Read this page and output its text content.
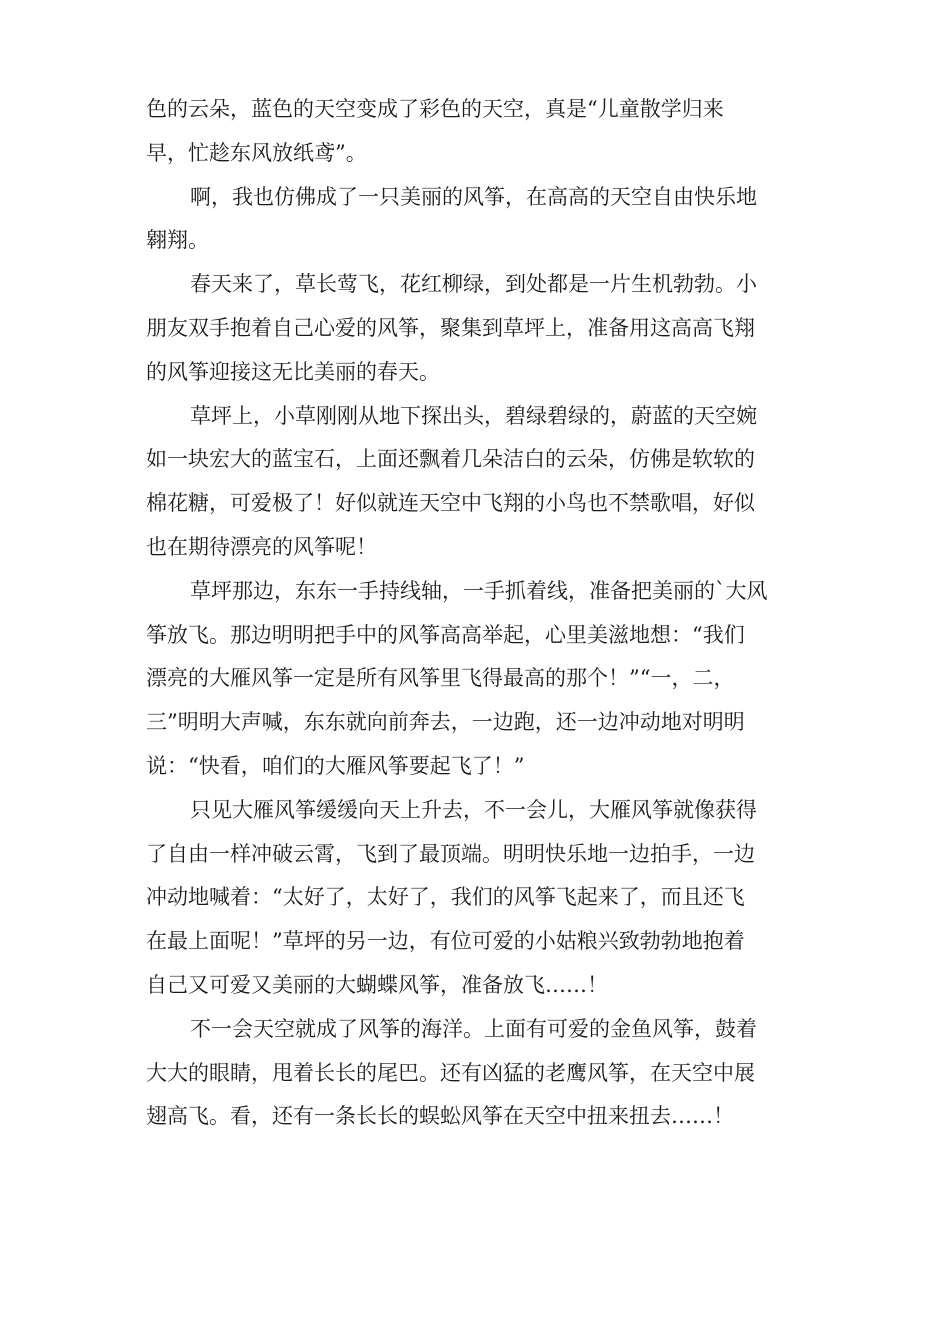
色的云朵，蓝色的天空变成了彩色的天空，真是“儿童散学归来
早，忙趁东风放纸鸢”。
啊，我也仿佛成了一只美丽的风筝，在高高的天空自由快乐地
翱翔。
春天来了，草长莺飞，花红柳绿，到处都是一片生机勃勃。小
朋友双手抱着自己心爱的风筝，聚集到草坪上，准备用这高高飞翔
的风筝迎接这无比美丽的春天。
草坪上，小草刚刚从地下探出头，碧绿碧绿的，蔚蓝的天空婉
如一块宏大的蓝宝石，上面还飘着几朵洁白的云朵，仿佛是软软的
棉花糖，可爱极了！好似就连天空中飞翔的小鸟也不禁歌唱，好似
也在期待漂亮的风筝呢！
草坪那边，东东一手持线轴，一手抓着线，准备把美丽的`大风
筝放飞。那边明明把手中的风筝高高举起，心里美滋地想：“我们
漂亮的大雁风筝一定是所有风筝里飞得最高的那个！”“一，二，
三”明明大声喊，东东就向前奔去，一边跑，还一边冲动地对明明
说：“快看，咱们的大雁风筝要起飞了！”
只见大雁风筝缓缓向天上升去，不一会儿，大雁风筝就像获得
了自由一样冲破云霄，飞到了最顶端。明明快乐地一边拍手，一边
冲动地喊着：“太好了，太好了，我们的风筝飞起来了，而且还飞
在最上面呢！”草坪的另一边，有位可爱的小姑粮兴致勃勃地抱着
自己又可爱又美丽的大蝴蝶风筝，准备放飞……！
不一会天空就成了风筝的海洋。上面有可爱的金鱼风筝，鼓着
大大的眼睛，甩着长长的尾巴。还有凶猛的老鹰风筝，在天空中展
翅高飞。看，还有一条长长的蜈蚣风筝在天空中扭来扭去……！
